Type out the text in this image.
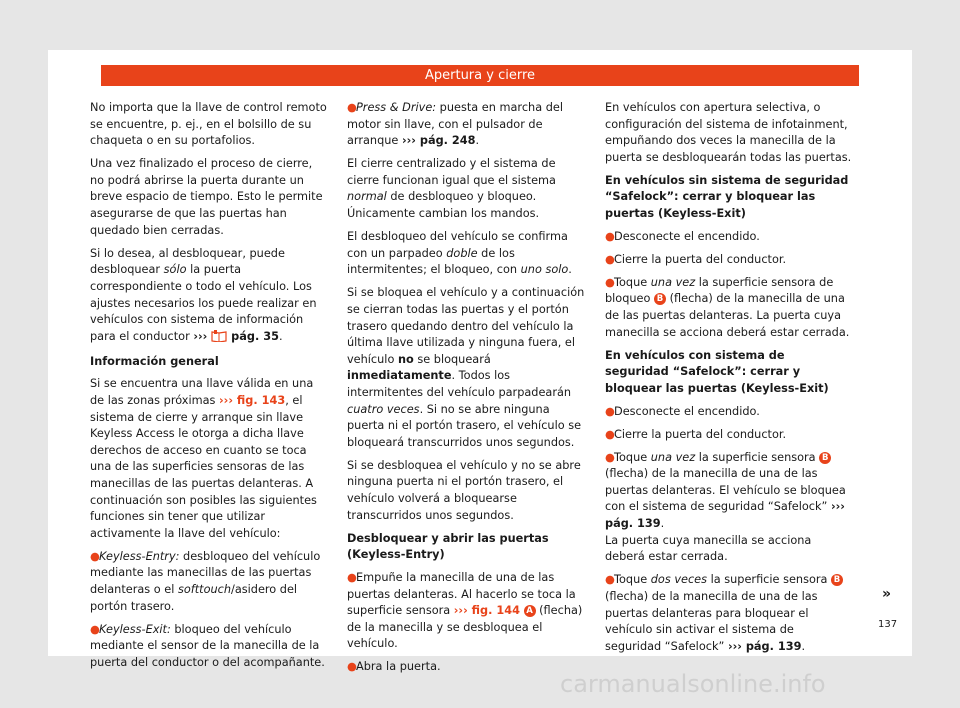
Apertura y cierre

No importa que la llave de control remoto se encuentre, p. ej., en el bolsillo de su chaqueta o en su portafolios.

Una vez finalizado el proceso de cierre, no podrá abrirse la puerta durante un breve espacio de tiempo. Esto le permite asegurarse de que las puertas han quedado bien cerradas.

Si lo desea, al desbloquear, puede desbloquear sólo la puerta correspondiente o todo el vehículo. Los ajustes necesarios los puede realizar en vehículos con sistema de información para el conductor ›››  pág. 35.

Información general

Si se encuentra una llave válida en una de las zonas próximas ››› fig. 143, el sistema de cierre y arranque sin llave Keyless Access le otorga a dicha llave derechos de acceso en cuanto se toca una de las superficies sensoras de las manecillas de las puertas delanteras. A continuación son posibles las siguientes funciones sin tener que utilizar activamente la llave del vehículo:

●Keyless-Entry: desbloqueo del vehículo mediante las manecillas de las puertas delanteras o el softtouch/asidero del portón trasero.

●Keyless-Exit: bloqueo del vehículo mediante el sensor de la manecilla de la puerta del conductor o del acompañante.

●Press & Drive: puesta en marcha del motor sin llave, con el pulsador de arranque ››› pág. 248.

El cierre centralizado y el sistema de cierre funcionan igual que el sistema normal de desbloqueo y bloqueo. Únicamente cambian los mandos.

El desbloqueo del vehículo se confirma con un parpadeo doble de los intermitentes; el bloqueo, con uno solo.

Si se bloquea el vehículo y a continuación se cierran todas las puertas y el portón trasero quedando dentro del vehículo la última llave utilizada y ninguna fuera, el vehículo no se bloqueará inmediatamente. Todos los intermitentes del vehículo parpadearán cuatro veces. Si no se abre ninguna puerta ni el portón trasero, el vehículo se bloqueará transcurridos unos segundos.

Si se desbloquea el vehículo y no se abre ninguna puerta ni el portón trasero, el vehículo volverá a bloquearse transcurridos unos segundos.

Desbloquear y abrir las puertas (Keyless-Entry)

●Empuñe la manecilla de una de las puertas delanteras. Al hacerlo se toca la superficie sensora ››› fig. 144 A (flecha) de la manecilla y se desbloquea el vehículo.

●Abra la puerta.

En vehículos con apertura selectiva, o configuración del sistema de infotainment, empuñando dos veces la manecilla de la puerta se desbloquearán todas las puertas.

En vehículos sin sistema de seguridad “Safelock”: cerrar y bloquear las puertas (Keyless-Exit)

●Desconecte el encendido.

●Cierre la puerta del conductor.

●Toque una vez la superficie sensora de bloqueo B (flecha) de la manecilla de una de las puertas delanteras. La puerta cuya manecilla se acciona deberá estar cerrada.

En vehículos con sistema de seguridad “Safelock”: cerrar y bloquear las puertas (Keyless-Exit)

●Desconecte el encendido.

●Cierre la puerta del conductor.

●Toque una vez la superficie sensora B (flecha) de la manecilla de una de las puertas delanteras. El vehículo se bloquea con el sistema de seguridad “Safelock” ››› pág. 139.

La puerta cuya manecilla se acciona deberá estar cerrada.

●Toque dos veces la superficie sensora B (flecha) de la manecilla de una de las puertas delanteras para bloquear el vehículo sin activar el sistema de seguridad “Safelock” ››› pág. 139.

»
137
carmanualsonline.info
